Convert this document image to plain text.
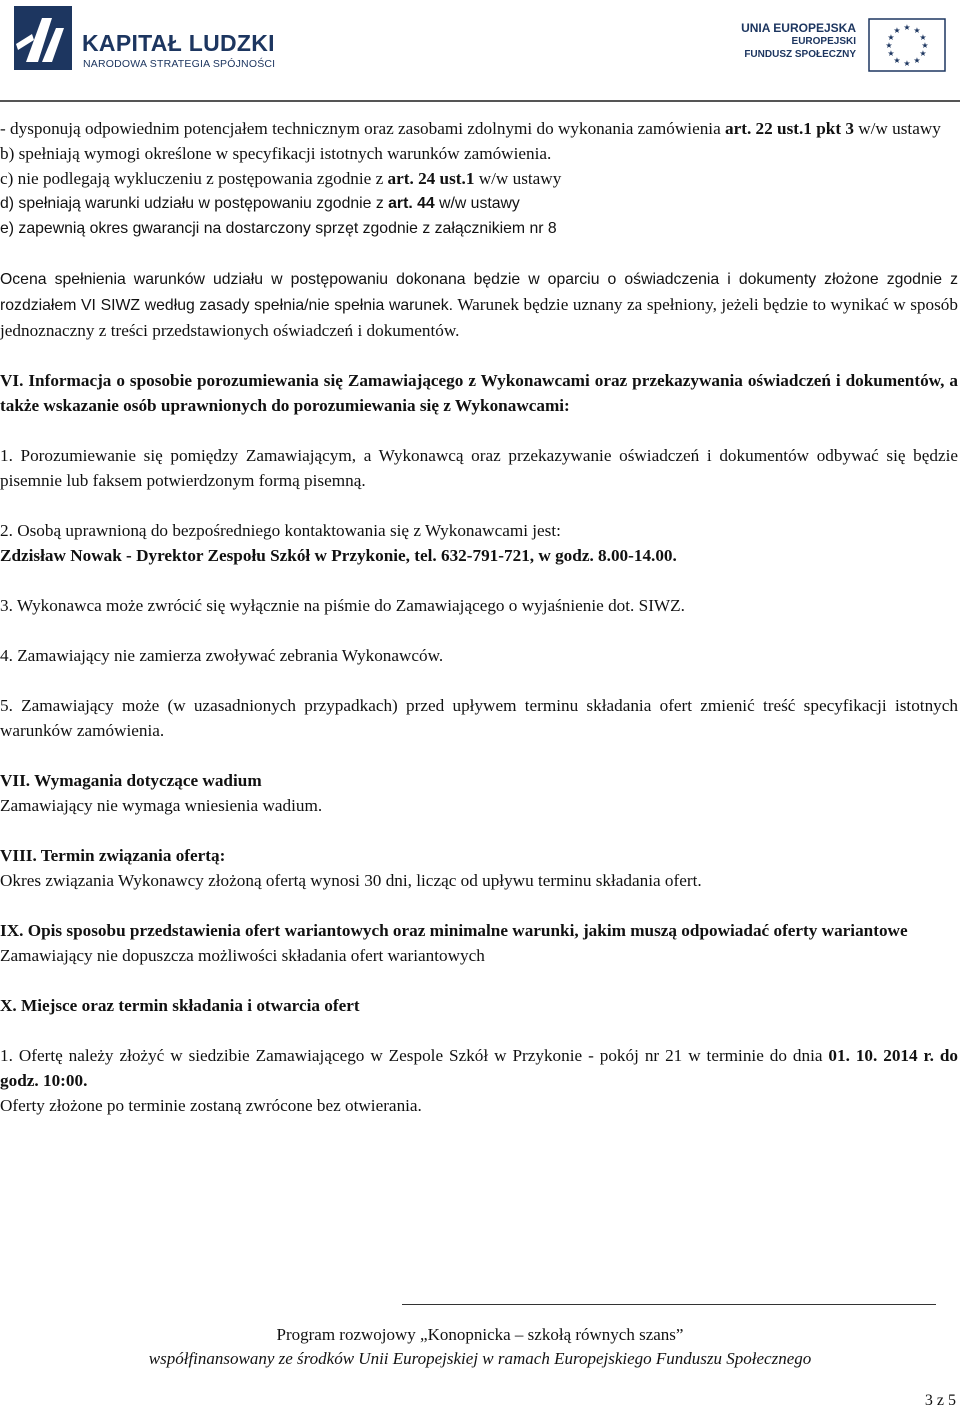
KAPITAŁ LUDZKI
NARODOWA STRATEGIA SPÓJNOŚCI
UNIA EUROPEJSKA
EUROPEJSKI
FUNDUSZ SPOŁECZNY
★ ★
★
★
★
★
★
★
★
★
★
★

- dysponują odpowiednim potencjałem technicznym oraz zasobami zdolnymi do wykonania zamówienia art. 22 ust.1 pkt 3 w/w ustawy

b) spełniają wymogi określone w specyfikacji istotnych warunków zamówienia.

c) nie podlegają wykluczeniu z postępowania zgodnie z art. 24 ust.1 w/w ustawy

d) spełniają warunki udziału w postępowaniu zgodnie z art. 44 w/w ustawy

e) zapewnią okres gwarancji na dostarczony sprzęt zgodnie z załącznikiem nr 8

Ocena spełnienia warunków udziału w postępowaniu dokonana będzie w oparciu o oświadczenia i dokumenty złożone zgodnie z rozdziałem VI SIWZ według zasady spełnia/nie spełnia warunek. Warunek będzie uznany za spełniony, jeżeli będzie to wynikać w sposób jednoznaczny z treści przedstawionych oświadczeń i dokumentów.

VI. Informacja o sposobie porozumiewania się Zamawiającego z Wykonawcami oraz przekazywania oświadczeń i dokumentów, a także wskazanie osób uprawnionych do porozumiewania się z Wykonawcami:

1. Porozumiewanie się pomiędzy Zamawiającym, a Wykonawcą oraz przekazywanie oświadczeń i dokumentów odbywać się będzie pisemnie lub faksem potwierdzonym formą pisemną.

2. Osobą uprawnioną do bezpośredniego kontaktowania się z Wykonawcami jest:

Zdzisław Nowak - Dyrektor Zespołu Szkół w Przykonie, tel. 632-791-721, w godz. 8.00-14.00.

3. Wykonawca może zwrócić się wyłącznie na piśmie do Zamawiającego o wyjaśnienie dot. SIWZ.

4. Zamawiający nie zamierza zwoływać zebrania Wykonawców.

5. Zamawiający może (w uzasadnionych przypadkach) przed upływem terminu składania ofert zmienić treść specyfikacji istotnych warunków zamówienia.

VII. Wymagania dotyczące wadium

Zamawiający nie wymaga wniesienia wadium.

VIII. Termin związania ofertą:

Okres związania Wykonawcy złożoną ofertą wynosi 30 dni, licząc od upływu terminu składania ofert.

IX. Opis sposobu przedstawienia ofert wariantowych oraz minimalne warunki, jakim muszą odpowiadać oferty wariantowe

Zamawiający nie dopuszcza możliwości składania ofert wariantowych

X. Miejsce oraz termin składania i otwarcia ofert

1. Ofertę należy złożyć w siedzibie Zamawiającego w Zespole Szkół w Przykonie - pokój nr 21 w terminie do dnia 01. 10. 2014 r. do godz. 10:00.

Oferty złożone po terminie zostaną zwrócone bez otwierania.

Program rozwojowy „Konopnicka – szkołą równych szans”
współfinansowany ze środków Unii Europejskiej w ramach Europejskiego Funduszu Społecznego
3 z 5
